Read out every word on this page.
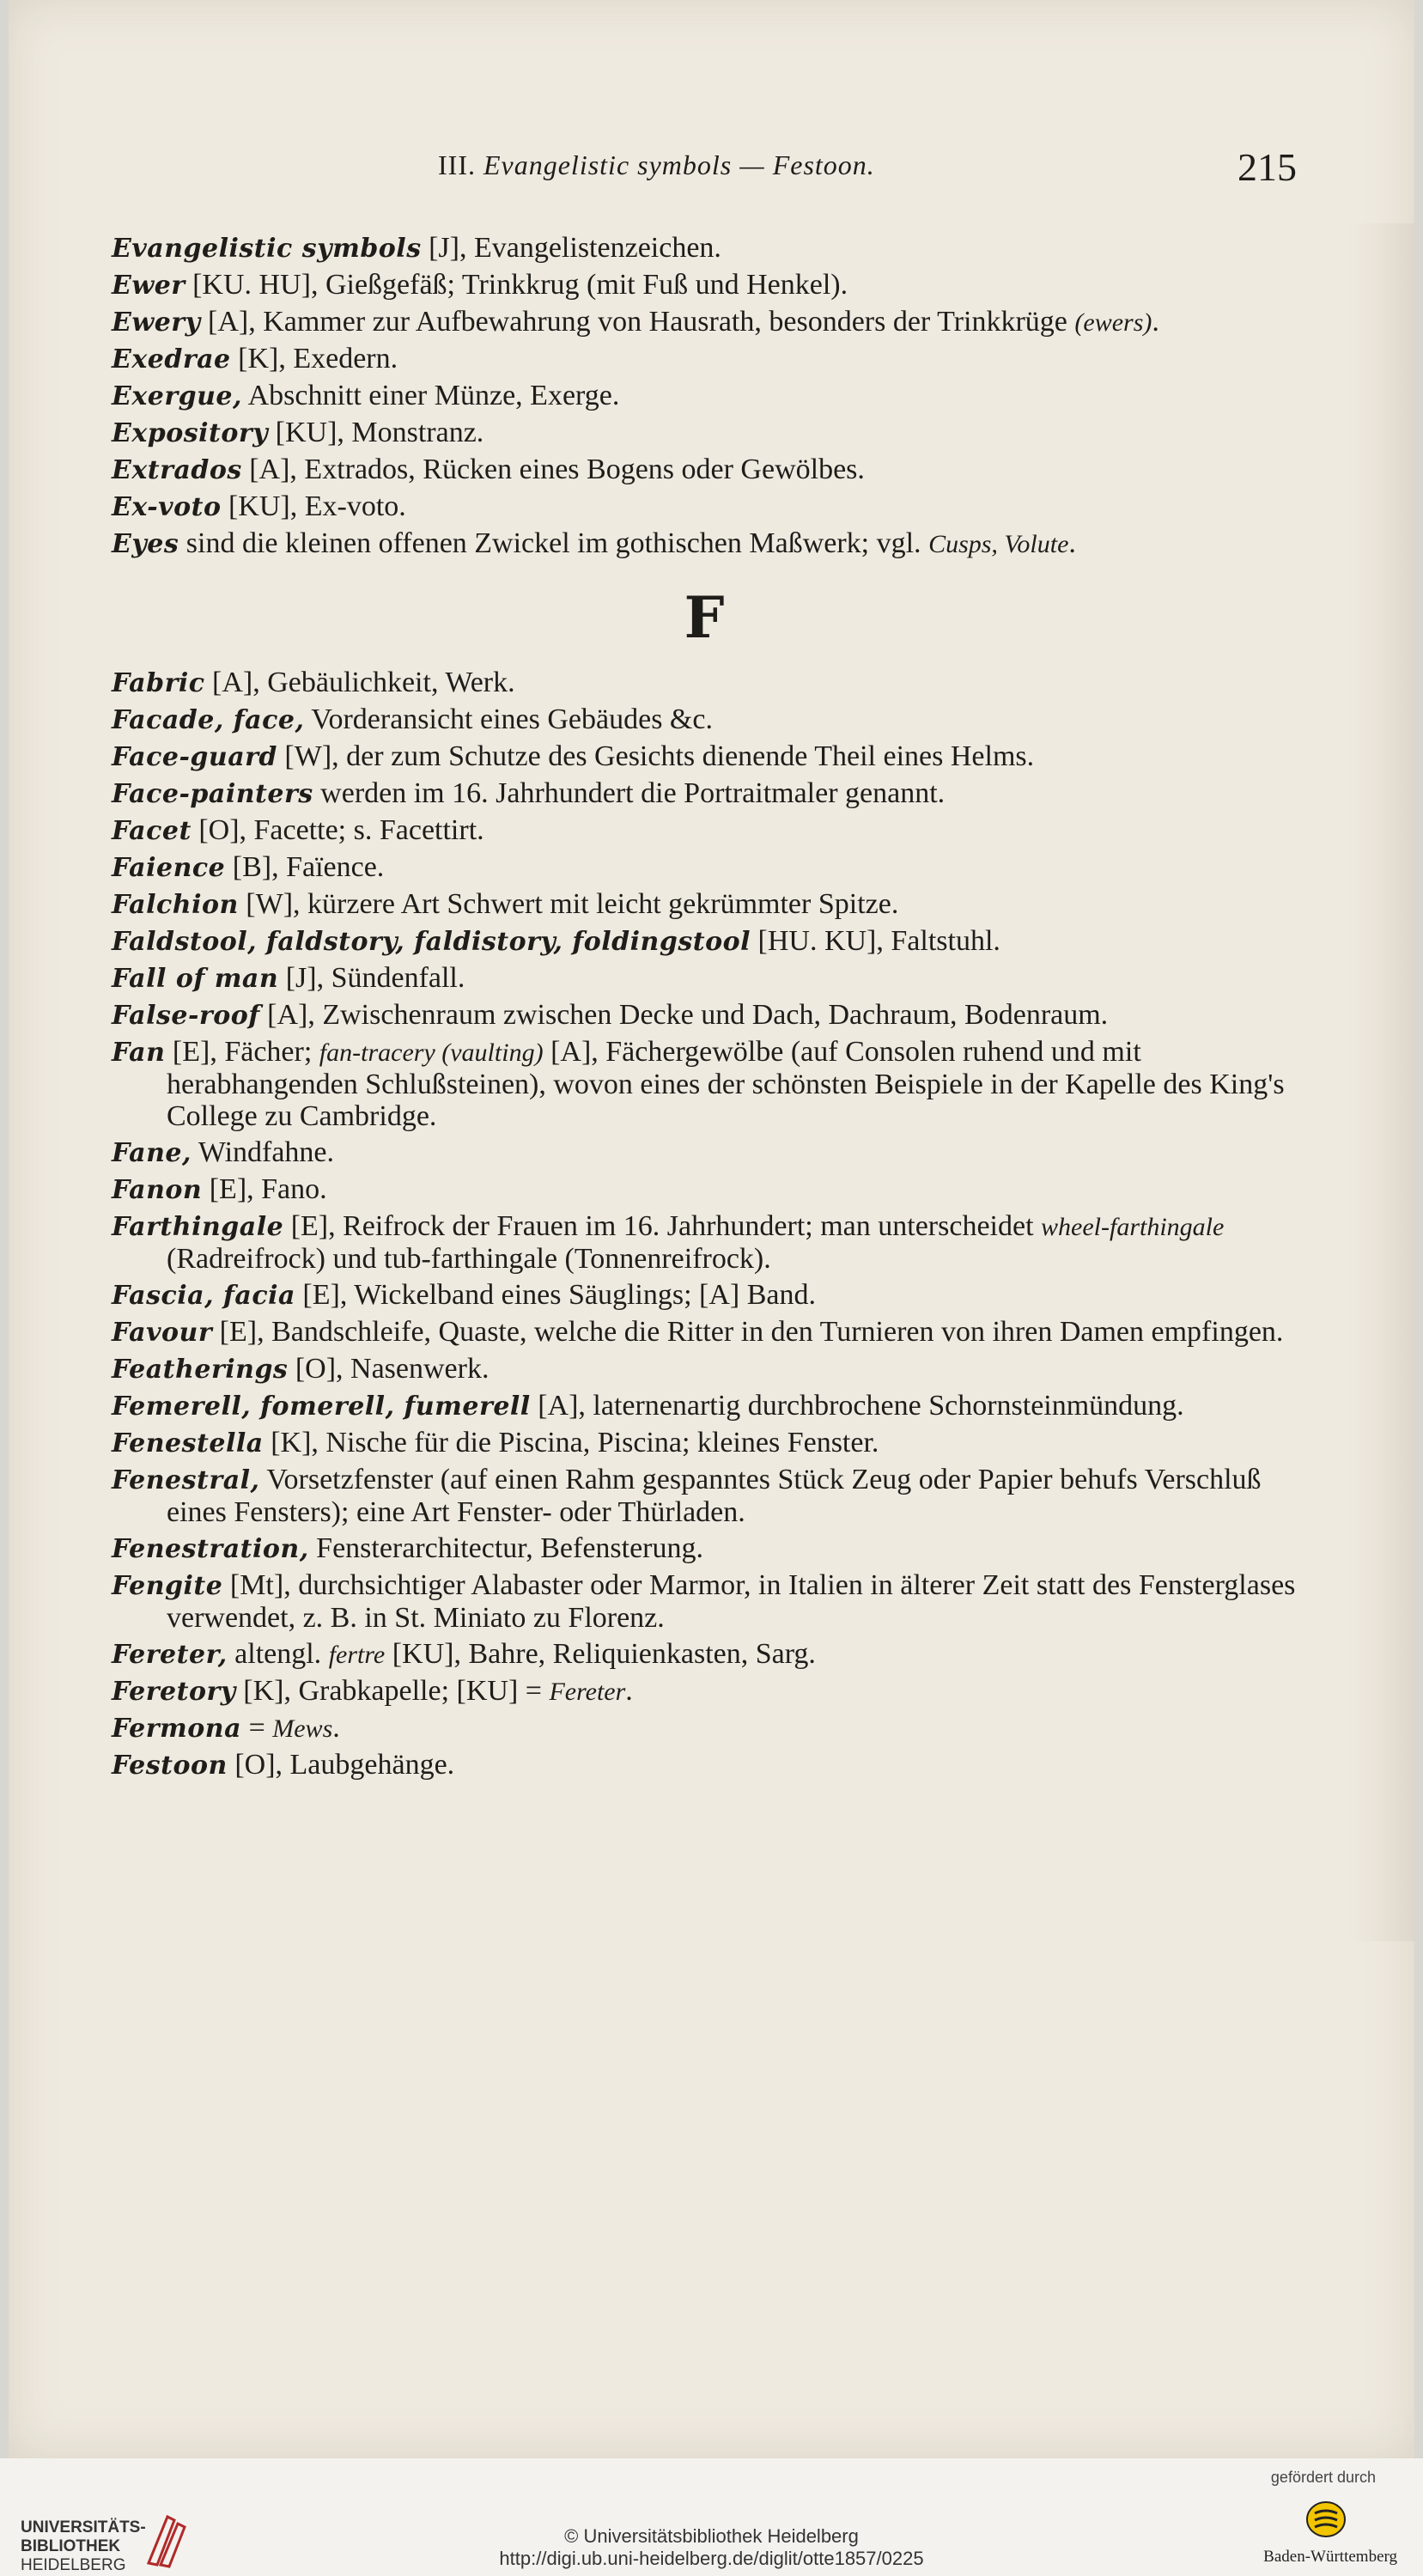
III. Evangelistic symbols — Festoon.	215
Evangelistic symbols [J], Evangelistenzeichen.
Ewer [KU. HU], Gießgefäß; Trinkkrug (mit Fuß und Henkel).
Ewery [A], Kammer zur Aufbewahrung von Hausrath, besonders der Trinkkrüge (ewers).
Exedrae [K], Exedern.
Exergue, Abschnitt einer Münze, Exerge.
Expository [KU], Monstranz.
Extrados [A], Extrados, Rücken eines Bogens oder Gewölbes.
Ex-voto [KU], Ex-voto.
Eyes sind die kleinen offenen Zwickel im gothischen Maßwerk; vgl. Cusps, Volute.
F
Fabric [A], Gebäulichkeit, Werk.
Facade, face, Vorderansicht eines Gebäudes &c.
Face-guard [W], der zum Schutze des Gesichts dienende Theil eines Helms.
Face-painters werden im 16. Jahrhundert die Portraitmaler genannt.
Facet [O], Facette; s. Facettirt.
Faience [B], Faïence.
Falchion [W], kürzere Art Schwert mit leicht gekrümmter Spitze.
Faldstool, faldstory, faldistory, foldingstool [HU. KU], Faltstuhl.
Fall of man [J], Sündenfall.
False-roof [A], Zwischenraum zwischen Decke und Dach, Dachraum, Bodenraum.
Fan [E], Fächer; fan-tracery (vaulting) [A], Fächergewölbe (auf Consolen ruhend und mit herabhangenden Schlußsteinen), wovon eines der schönsten Beispiele in der Kapelle des King's College zu Cambridge.
Fane, Windfahne.
Fanon [E], Fano.
Farthingale [E], Reifrock der Frauen im 16. Jahrhundert; man unterscheidet wheel-farthingale (Radreifrock) und tub-farthingale (Tonnenreifrock).
Fascia, facia [E], Wickelband eines Säuglings; [A] Band.
Favour [E], Bandschleife, Quaste, welche die Ritter in den Turnieren von ihren Damen empfingen.
Featherings [O], Nasenwerk.
Femerell, fomerell, fumerell [A], laternenartig durchbrochene Schornsteinmündung.
Fenestella [K], Nische für die Piscina, Piscina; kleines Fenster.
Fenestral, Vorsetzfenster (auf einen Rahm gespanntes Stück Zeug oder Papier behufs Verschluß eines Fensters); eine Art Fenster- oder Thürladen.
Fenestration, Fensterarchitectur, Befensterung.
Fengite [Mt], durchsichtiger Alabaster oder Marmor, in Italien in älterer Zeit statt des Fensterglases verwendet, z. B. in St. Miniato zu Florenz.
Fereter, altengl. fertre [KU], Bahre, Reliquienkasten, Sarg.
Feretory [K], Grabkapelle; [KU] = Fereter.
Fermona = Mews.
Festoon [O], Laubgehänge.
UNIVERSITÄTS-
BIBLIOTHEK
HEIDELBERG
© Universitätsbibliothek Heidelberg
http://digi.ub.uni-heidelberg.de/diglit/otte1857/0225
gefördert durch
Baden-Württemberg
